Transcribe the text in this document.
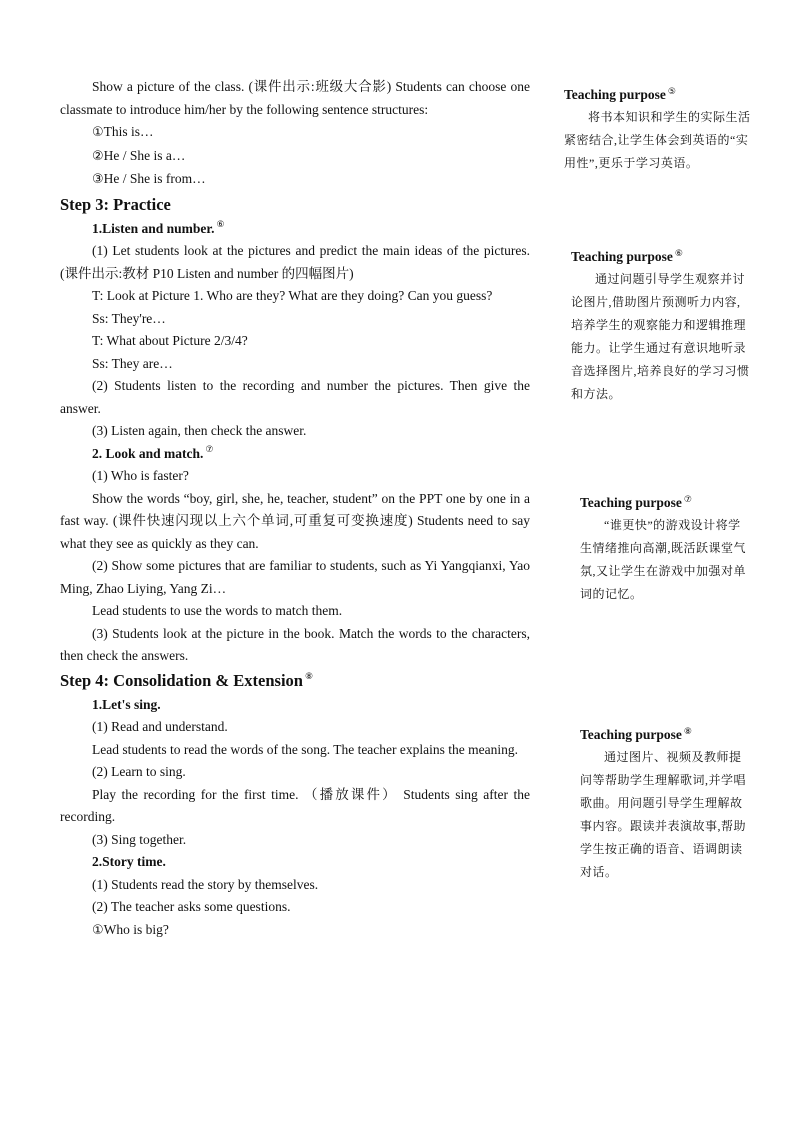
Show a picture of the class. (课件出示:班级大合影) Students can choose one classmate to introduce him/her by the following sentence structures:

①This is…

②He / She is a…

③He / She is from…

Step 3: Practice

1.Listen and number. ⑥

(1) Let students look at the pictures and predict the main ideas of the pictures. (课件出示:教材 P10 Listen and number 的四幅图片)

T: Look at Picture 1. Who are they? What are they doing? Can you guess?

Ss: They're…

T: What about Picture 2/3/4?

Ss: They are…

(2) Students listen to the recording and number the pictures. Then give the answer.

(3) Listen again, then check the answer.

2. Look and match. ⑦

(1) Who is faster?

Show the words “boy, girl, she, he, teacher, student” on the PPT one by one in a fast way. (课件快速闪现以上六个单词,可重复可变换速度) Students need to say what they see as quickly as they can.

(2) Show some pictures that are familiar to students, such as Yi Yangqianxi, Yao Ming, Zhao Liying, Yang Zi…

Lead students to use the words to match them.

(3) Students look at the picture in the book. Match the words to the characters, then check the answers.

Step 4: Consolidation & Extension ⑧

1.Let's sing.

(1) Read and understand.

Lead students to read the words of the song. The teacher explains the meaning.

(2) Learn to sing.

Play the recording for the first time. （播放课件） Students sing after the recording.

(3) Sing together.

2.Story time.

(1) Students read the story by themselves.

(2) The teacher asks some questions.

①Who is big?

Teaching purpose ⑤

将书本知识和学生的实际生活紧密结合,让学生体会到英语的“实用性”,更乐于学习英语。

Teaching purpose ⑥

通过问题引导学生观察并讨论图片,借助图片预测听力内容,培养学生的观察能力和逻辑推理能力。让学生通过有意识地听录音选择图片,培养良好的学习习惯和方法。

Teaching purpose ⑦

“谁更快”的游戏设计将学生情绪推向高潮,既活跃课堂气氛,又让学生在游戏中加强对单词的记忆。

Teaching purpose ⑧

通过图片、视频及教师提问等帮助学生理解歌词,并学唱歌曲。用问题引导学生理解故事内容。跟读并表演故事,帮助学生按正确的语音、语调朗读对话。
